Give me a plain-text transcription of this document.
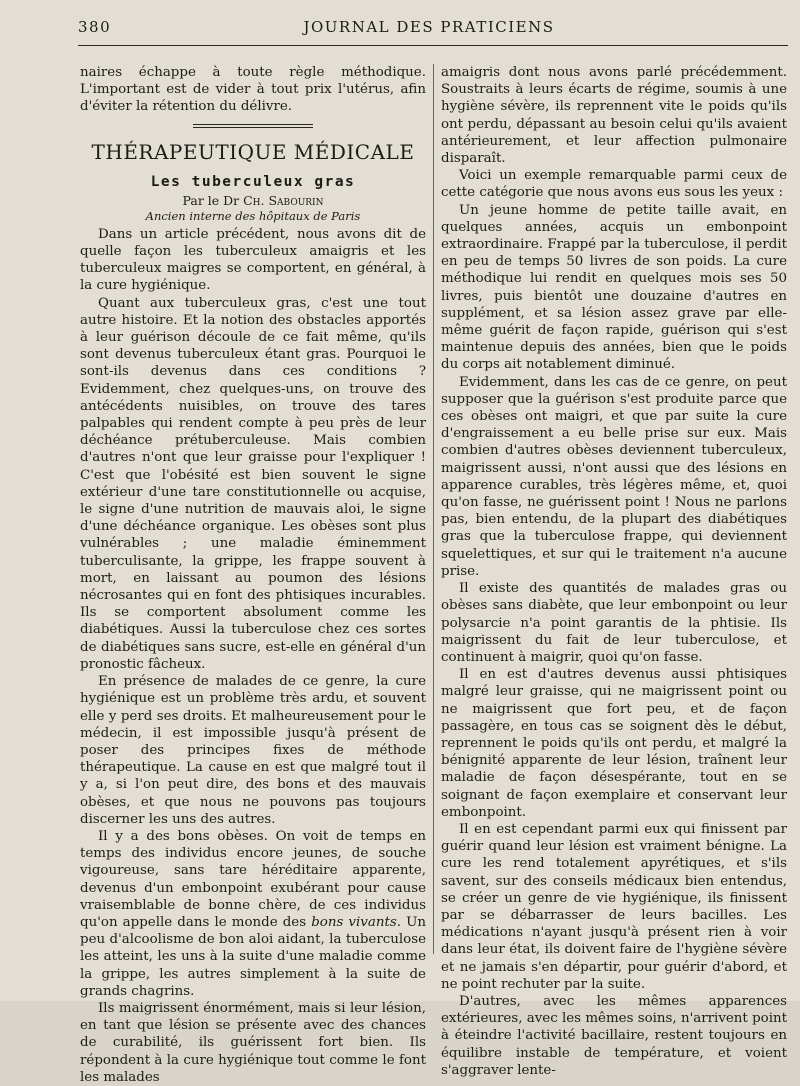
380	JOURNAL DES PRATICIENS

naires échappe à toute règle méthodique. L'important est de vider à tout prix l'utérus, afin d'éviter la rétention du délivre.

THÉRAPEUTIQUE MÉDICALE
Les tuberculeux gras
Par le Dr Ch. Sabourin
Ancien interne des hôpitaux de Paris

Dans un article précédent, nous avons dit de quelle façon les tuberculeux amaigris et les tuberculeux maigres se comportent, en général, à la cure hygiénique.

Quant aux tuberculeux gras, c'est une tout autre histoire. Et la notion des obstacles apportés à leur guérison découle de ce fait même, qu'ils sont devenus tuberculeux étant gras. Pourquoi le sont-ils devenus dans ces conditions ? Evidemment, chez quelques-uns, on trouve des antécédents nuisibles, on trouve des tares palpables qui rendent compte à peu près de leur déchéance prétuberculeuse. Mais combien d'autres n'ont que leur graisse pour l'expliquer ! C'est que l'obésité est bien souvent le signe extérieur d'une tare constitutionnelle ou acquise, le signe d'une nutrition de mauvais aloi, le signe d'une déchéance organique. Les obèses sont plus vulnérables ; une maladie éminemment tuberculisante, la grippe, les frappe souvent à mort, en laissant au poumon des lésions nécrosantes qui en font des phtisiques incurables. Ils se comportent absolument comme les diabétiques. Aussi la tuberculose chez ces sortes de diabétiques sans sucre, est-elle en général d'un pronostic fâcheux.

En présence de malades de ce genre, la cure hygiénique est un problème très ardu, et souvent elle y perd ses droits. Et malheureusement pour le médecin, il est impossible jusqu'à présent de poser des principes fixes de méthode thérapeutique. La cause en est que malgré tout il y a, si l'on peut dire, des bons et des mauvais obèses, et que nous ne pouvons pas toujours discerner les uns des autres.

Il y a des bons obèses. On voit de temps en temps des individus encore jeunes, de souche vigoureuse, sans tare héréditaire apparente, devenus d'un embonpoint exubérant pour cause vraisemblable de bonne chère, de ces individus qu'on appelle dans le monde des bons vivants. Un peu d'alcoolisme de bon aloi aidant, la tuberculose les atteint, les uns à la suite d'une maladie comme la grippe, les autres simplement à la suite de grands chagrins.

Ils maigrissent énormément, mais si leur lésion, en tant que lésion se présente avec des chances de curabilité, ils guérissent fort bien. Ils répondent à la cure hygiénique tout comme le font les malades

amaigris dont nous avons parlé précédemment. Soustraits à leurs écarts de régime, soumis à une hygiène sévère, ils reprennent vite le poids qu'ils ont perdu, dépassant au besoin celui qu'ils avaient antérieurement, et leur affection pulmonaire disparaît.

Voici un exemple remarquable parmi ceux de cette catégorie que nous avons eus sous les yeux :

Un jeune homme de petite taille avait, en quelques années, acquis un embonpoint extraordinaire. Frappé par la tuberculose, il perdit en peu de temps 50 livres de son poids. La cure méthodique lui rendit en quelques mois ses 50 livres, puis bientôt une douzaine d'autres en supplément, et sa lésion assez grave par elle-même guérit de façon rapide, guérison qui s'est maintenue depuis des années, bien que le poids du corps ait notablement diminué.

Evidemment, dans les cas de ce genre, on peut supposer que la guérison s'est produite parce que ces obèses ont maigri, et que par suite la cure d'engraissement a eu belle prise sur eux. Mais combien d'autres obèses deviennent tuberculeux, maigrissent aussi, n'ont aussi que des lésions en apparence curables, très légères même, et, quoi qu'on fasse, ne guérissent point ! Nous ne parlons pas, bien entendu, de la plupart des diabétiques gras que la tuberculose frappe, qui deviennent squelettiques, et sur qui le traitement n'a aucune prise.

Il existe des quantités de malades gras ou obèses sans diabète, que leur embonpoint ou leur polysarcie n'a point garantis de la phtisie. Ils maigrissent du fait de leur tuberculose, et continuent à maigrir, quoi qu'on fasse.

Il en est d'autres devenus aussi phtisiques malgré leur graisse, qui ne maigrissent point ou ne maigrissent que fort peu, et de façon passagère, en tous cas se soignent dès le début, reprennent le poids qu'ils ont perdu, et malgré la bénignité apparente de leur lésion, traînent leur maladie de façon désespérante, tout en se soignant de façon exemplaire et conservant leur embonpoint.

Il en est cependant parmi eux qui finissent par guérir quand leur lésion est vraiment bénigne. La cure les rend totalement apyrétiques, et s'ils savent, sur des conseils médicaux bien entendus, se créer un genre de vie hygiénique, ils finissent par se débarrasser de leurs bacilles. Les médications n'ayant jusqu'à présent rien à voir dans leur état, ils doivent faire de l'hygiène sévère et ne jamais s'en départir, pour guérir d'abord, et ne point rechuter par la suite.

D'autres, avec les mêmes apparences extérieures, avec les mêmes soins, n'arrivent point à éteindre l'activité bacillaire, restent toujours en équilibre instable de température, et voient s'aggraver lente-
